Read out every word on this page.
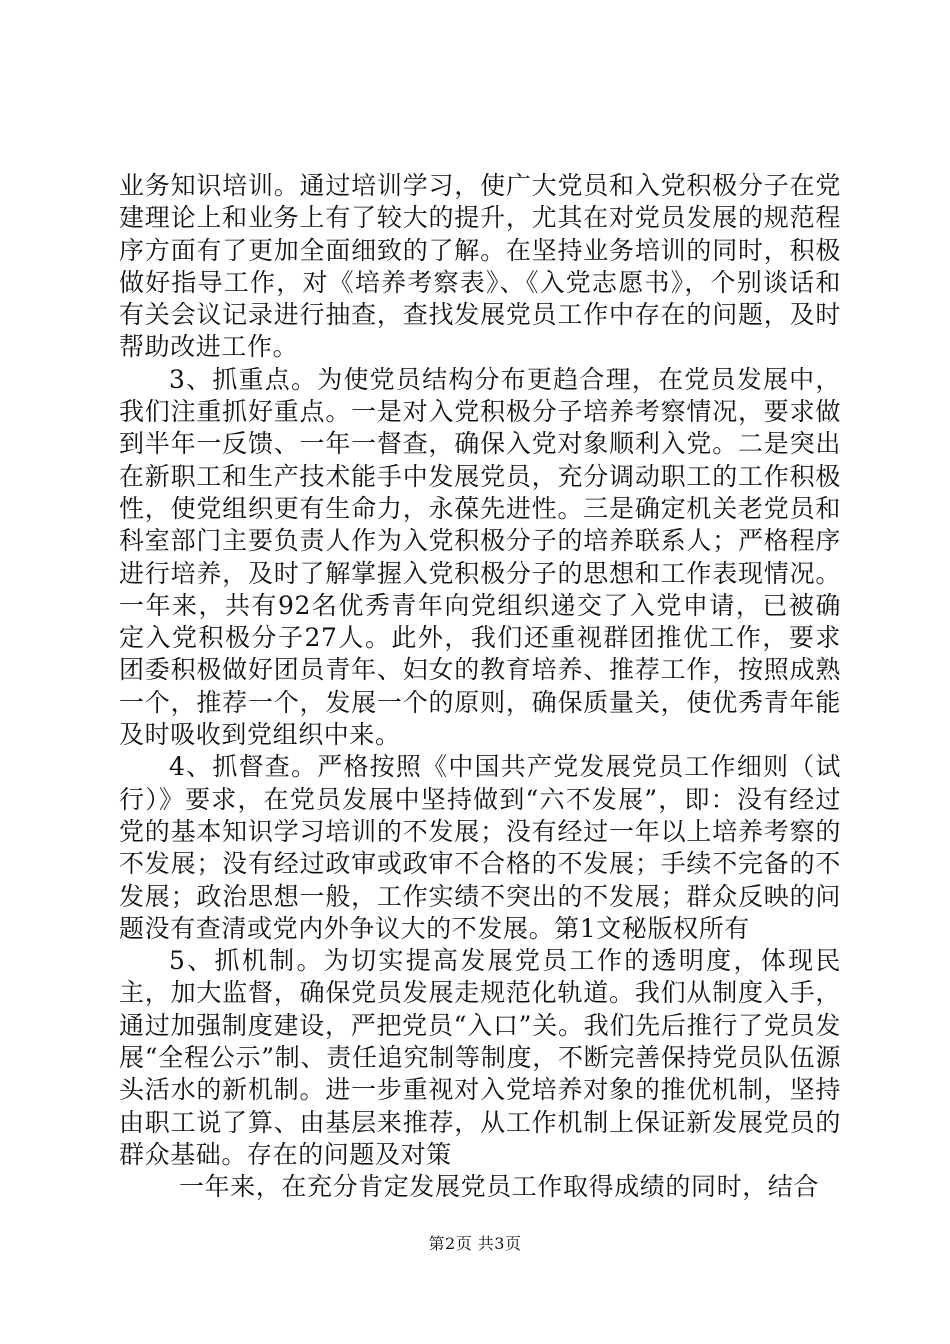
业务知识培训。通过培训学习，使广大党员和入党积极分子在党建理论上和业务上有了较大的提升，尤其在对党员发展的规范程序方面有了更加全面细致的了解。在坚持业务培训的同时，积极做好指导工作，对《培养考察表》、《入党志愿书》，个别谈话和有关会议记录进行抽查，查找发展党员工作中存在的问题，及时帮助改进工作。

3、抓重点。为使党员结构分布更趋合理，在党员发展中，我们注重抓好重点。一是对入党积极分子培养考察情况，要求做到半年一反馈、一年一督查，确保入党对象顺利入党。二是突出在新职工和生产技术能手中发展党员，充分调动职工的工作积极性，使党组织更有生命力，永葆先进性。三是确定机关老党员和科室部门主要负责人作为入党积极分子的培养联系人；严格程序进行培养，及时了解掌握入党积极分子的思想和工作表现情况。一年来，共有92名优秀青年向党组织递交了入党申请，已被确定入党积极分子27人。此外，我们还重视群团推优工作，要求团委积极做好团员青年、妇女的教育培养、推荐工作，按照成熟一个，推荐一个，发展一个的原则，确保质量关，使优秀青年能及时吸收到党组织中来。

4、抓督查。严格按照《中国共产党发展党员工作细则（试行）》要求，在党员发展中坚持做到“六不发展”，即：没有经过党的基本知识学习培训的不发展；没有经过一年以上培养考察的不发展；没有经过政审或政审不合格的不发展；手续不完备的不发展；政治思想一般，工作实绩不突出的不发展；群众反映的问题没有查清或党内外争议大的不发展。第1文秘版权所有

5、抓机制。为切实提高发展党员工作的透明度，体现民主，加大监督，确保党员发展走规范化轨道。我们从制度入手，通过加强制度建设，严把党员“入口”关。我们先后推行了党员发展“全程公示”制、责任追究制等制度，不断完善保持党员队伍源头活水的新机制。进一步重视对入党培养对象的推优机制，坚持由职工说了算、由基层来推荐，从工作机制上保证新发展党员的群众基础。存在的问题及对策

一年来，在充分肯定发展党员工作取得成绩的同时，结合

第2页 共3页
